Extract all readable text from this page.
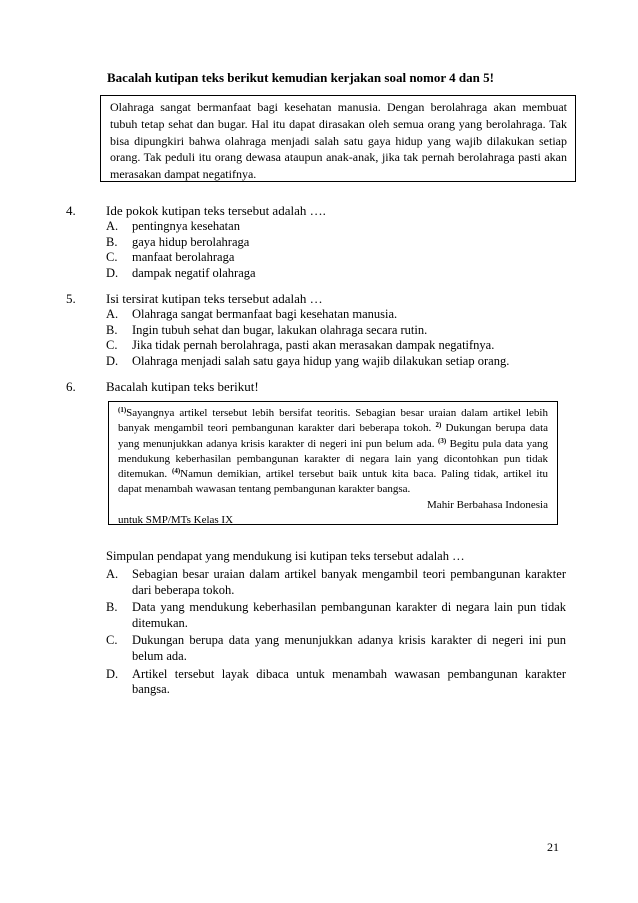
Bacalah kutipan teks berikut kemudian kerjakan soal nomor 4 dan 5!

Olahraga sangat bermanfaat bagi kesehatan manusia. Dengan berolahraga akan membuat tubuh tetap sehat dan bugar. Hal itu dapat dirasakan oleh semua orang yang berolahraga. Tak bisa dipungkiri bahwa olahraga menjadi salah satu gaya hidup yang wajib dilakukan setiap orang. Tak peduli itu orang dewasa ataupun anak-anak, jika tak pernah berolahraga pasti akan merasakan dampat negatifnya.

4. Ide pokok kutipan teks tersebut adalah ….
A. pentingnya kesehatan
B. gaya hidup berolahraga
C. manfaat berolahraga
D. dampak negatif olahraga
5. Isi tersirat kutipan teks tersebut adalah …
A. Olahraga sangat bermanfaat bagi kesehatan manusia.
B. Ingin tubuh sehat dan bugar, lakukan olahraga secara rutin.
C. Jika tidak pernah berolahraga, pasti akan merasakan dampak negatifnya.
D. Olahraga menjadi salah satu gaya hidup yang wajib dilakukan setiap orang.
6. Bacalah kutipan teks berikut!

$^{(1)}$Sayangnya artikel tersebut lebih bersifat teoritis. Sebagian besar uraian dalam artikel lebih banyak mengambil teori pembangunan karakter dari beberapa tokoh. $^{2)}$ Dukungan berupa data yang menunjukkan adanya krisis karakter di negeri ini pun belum ada. $^{(3)}$ Begitu pula data yang mendukung keberhasilan pembangunan karakter di negara lain yang dicontohkan pun tidak ditemukan. $^{(4)}$Namun demikian, artikel tersebut baik untuk kita baca. Paling tidak, artikel itu dapat menambah wawasan tentang pembangunan karakter bangsa.

Mahir Berbahasa Indonesia

untuk SMP/MTs Kelas IX

Simpulan pendapat yang mendukung isi kutipan teks tersebut adalah …
A. Sebagian besar uraian dalam artikel banyak mengambil teori pembangunan karakter dari beberapa tokoh.
B. Data yang mendukung keberhasilan pembangunan karakter di negara lain pun tidak ditemukan.
C. Dukungan berupa data yang menunjukkan adanya krisis karakter di negeri ini pun belum ada.
D. Artikel tersebut layak dibaca untuk menambah wawasan pembangunan karakter bangsa.
21
